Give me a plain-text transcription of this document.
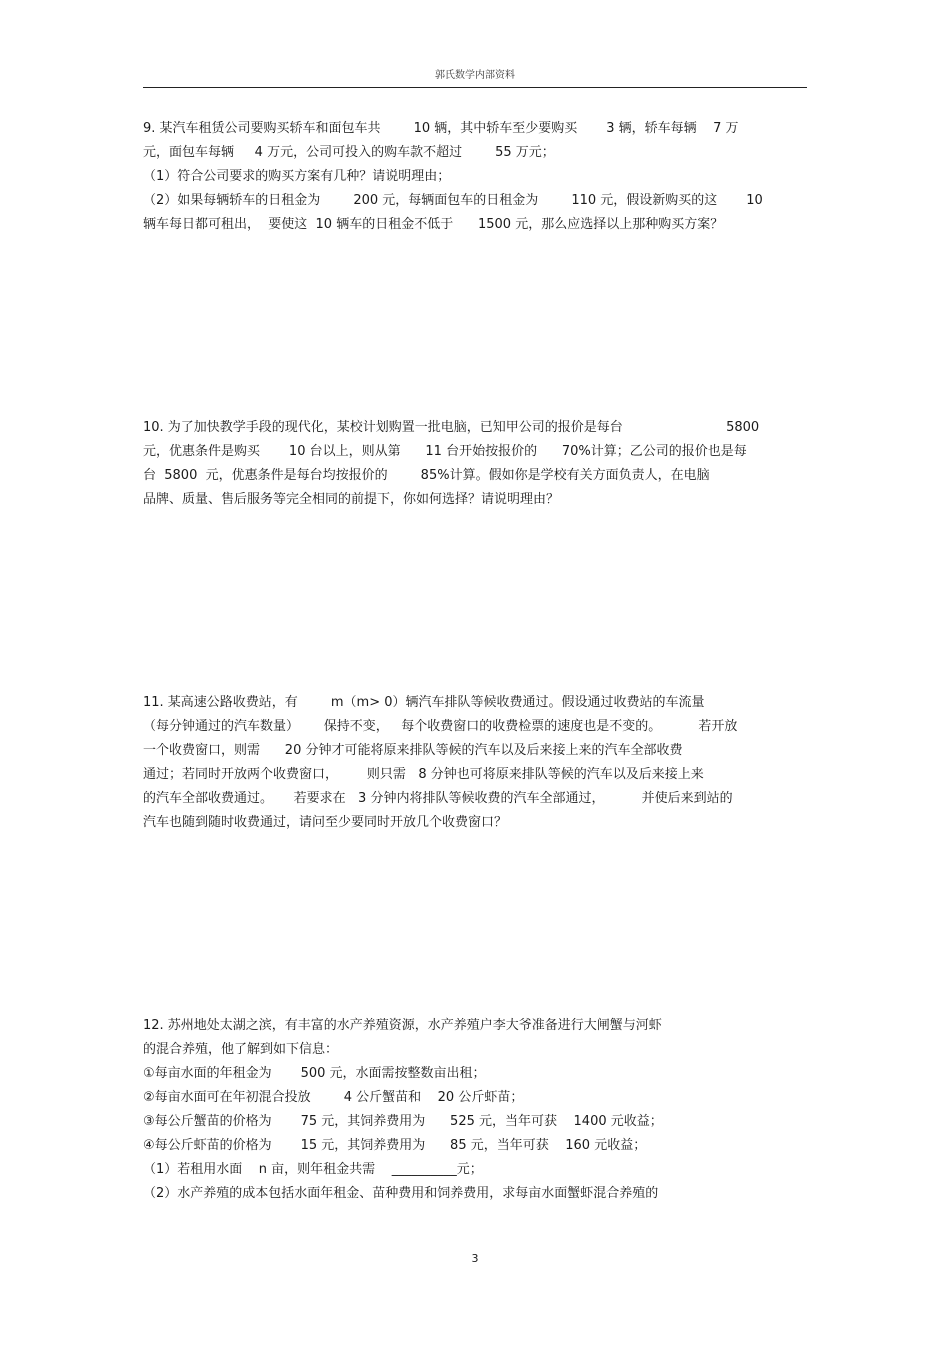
郭氏数学内部资料
9. 某汽车租赁公司要购买轿车和面包车共        10 辆，其中轿车至少要购买       3 辆，轿车每辆    7 万
元，面包车每辆     4 万元，公司可投入的购车款不超过        55 万元；
（1）符合公司要求的购买方案有几种？请说明理由；
（2）如果每辆轿车的日租金为        200 元，每辆面包车的日租金为        110 元，假设新购买的这       10
辆车每日都可租出，  要使这  10 辆车的日租金不低于      1500 元，那么应选择以上那种购买方案？
10. 为了加快教学手段的现代化，某校计划购置一批电脑，已知甲公司的报价是每台                         5800
元，优惠条件是购买       10 台以上，则从第      11 台开始按报价的      70%计算；乙公司的报价也是每
台  5800  元，优惠条件是每台均按报价的        85%计算。假如你是学校有关方面负责人，在电脑
品牌、质量、售后服务等完全相同的前提下，你如何选择？请说明理由？
11. 某高速公路收费站，有        m（m> 0）辆汽车排队等候收费通过。假设通过收费站的车流量
（每分钟通过的汽车数量）      保持不变，   每个收费窗口的收费检票的速度也是不变的。         若开放
一个收费窗口，则需      20 分钟才可能将原来排队等候的汽车以及后来接上来的汽车全部收费
通过；若同时开放两个收费窗口，       则只需   8 分钟也可将原来排队等候的汽车以及后来接上来
的汽车全部收费通过。     若要求在   3 分钟内将排队等候收费的汽车全部通过，         并使后来到站的
汽车也随到随时收费通过，请问至少要同时开放几个收费窗口？
12. 苏州地处太湖之滨，有丰富的水产养殖资源，水产养殖户李大爷准备进行大闸蟹与河虾
的混合养殖，他了解到如下信息：
①每亩水面的年租金为       500 元，水面需按整数亩出租；
②每亩水面可在年初混合投放        4 公斤蟹苗和    20 公斤虾苗；
③每公斤蟹苗的价格为       75 元，其饲养费用为      525 元，当年可获    1400 元收益；
④每公斤虾苗的价格为       15 元，其饲养费用为      85 元，当年可获    160 元收益；
（1）若租用水面    n 亩，则年租金共需    __________元；
（2）水产养殖的成本包括水面年租金、苗种费用和饲养费用，求每亩水面蟹虾混合养殖的
3
